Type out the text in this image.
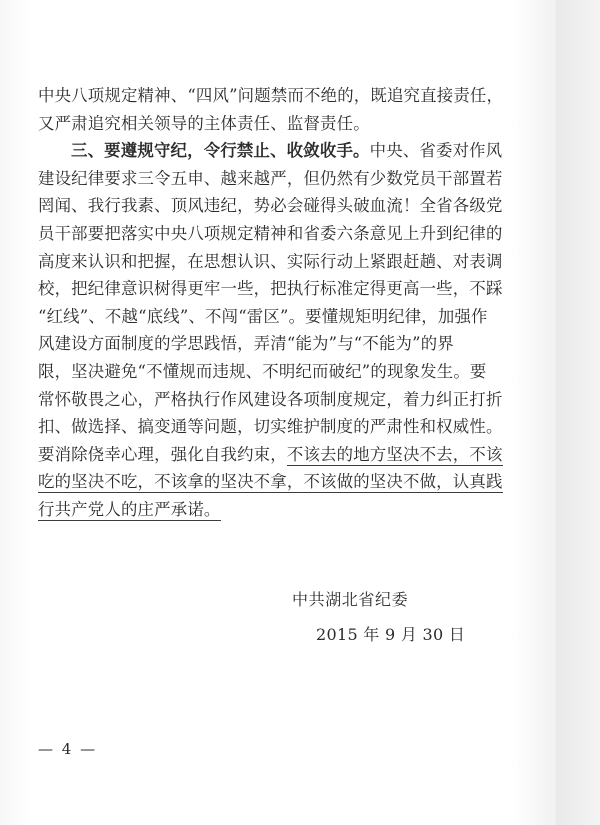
中央八项规定精神、“四风”问题禁而不绝的，既追究直接责任，
又严肃追究相关领导的主体责任、监督责任。
三、要遵规守纪，令行禁止、收敛收手。中央、省委对作风
建设纪律要求三令五申、越来越严，但仍然有少数党员干部置若
罔闻、我行我素、顶风违纪，势必会碰得头破血流！全省各级党
员干部要把落实中央八项规定精神和省委六条意见上升到纪律的
高度来认识和把握，在思想认识、实际行动上紧跟赶趟、对表调
校，把纪律意识树得更牢一些，把执行标准定得更高一些，不踩
“红线”、不越“底线”、不闯“雷区”。要懂规矩明纪律，加强作
风建设方面制度的学思践悟，弄清“能为”与“不能为”的界
限，坚决避免“不懂规而违规、不明纪而破纪”的现象发生。要
常怀敬畏之心，严格执行作风建设各项制度规定，着力纠正打折
扣、做选择、搞变通等问题，切实维护制度的严肃性和权威性。
要消除侥幸心理，强化自我约束，不该去的地方坚决不去，不该
吃的坚决不吃，不该拿的坚决不拿，不该做的坚决不做，认真践
行共产党人的庄严承诺。
中共湖北省纪委
2015 年 9 月 30 日
— 4 —
